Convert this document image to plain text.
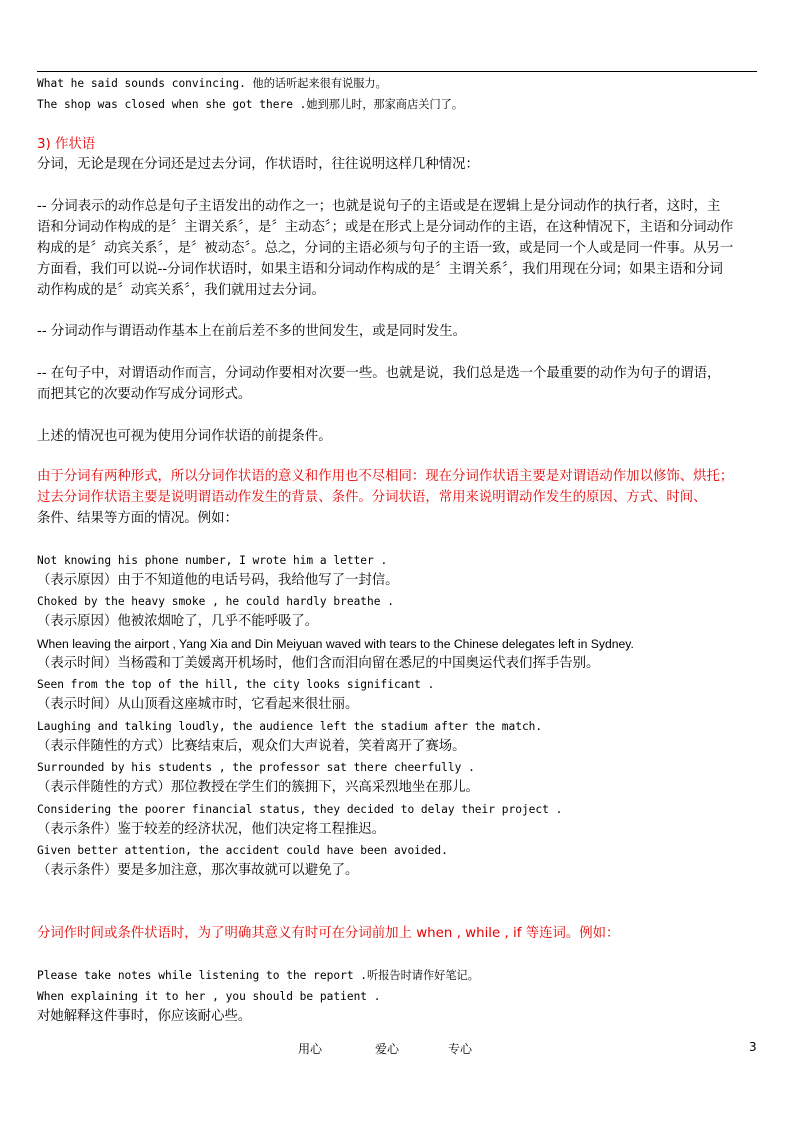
What he said sounds convincing. 他的话听起来很有说服力。
The shop was closed when she got there .她到那儿时，那家商店关门了。
3) 作状语
分词，无论是现在分词还是过去分词，作状语时，往往说明这样几种情况：
-- 分词表示的动作总是句子主语发出的动作之一；也就是说句子的主语或是在逻辑上是分词动作的执行者，这时，主
语和分词动作构成的是〞主谓关系〞，是〞主动态〞；或是在形式上是分词动作的主语，在这种情况下，主语和分词动作
构成的是〞动宾关系〞，是〞被动态〞。总之，分词的主语必须与句子的主语一致，或是同一个人或是同一件事。从另一
方面看，我们可以说--分词作状语时，如果主语和分词动作构成的是〞主谓关系〞，我们用现在分词；如果主语和分词
动作构成的是〞动宾关系〞，我们就用过去分词。
-- 分词动作与谓语动作基本上在前后差不多的世间发生，或是同时发生。
-- 在句子中，对谓语动作而言，分词动作要相对次要一些。也就是说，我们总是选一个最重要的动作为句子的谓语，
而把其它的次要动作写成分词形式。
上述的情况也可视为使用分词作状语的前提条件。
由于分词有两种形式，所以分词作状语的意义和作用也不尽相同：现在分词作状语主要是对谓语动作加以修饰、烘托；
过去分词作状语主要是说明谓语动作发生的背景、条件。分词状语，常用来说明谓动作发生的原因、方式、时间、
条件、结果等方面的情况。例如：
Not knowing his phone number, I wrote him a letter .
（表示原因）由于不知道他的电话号码，我给他写了一封信。
Choked by the heavy smoke , he could hardly breathe .
（表示原因）他被浓烟呛了，几乎不能呼吸了。
When leaving the airport , Yang Xia and Din Meiyuan waved with tears to the Chinese delegates left in Sydney.
（表示时间）当杨霞和丁美媛离开机场时，他们含而泪向留在悉尼的中国奥运代表们挥手告别。
Seen from the top of the hill, the city looks significant .
（表示时间）从山顶看这座城市时，它看起来很壮丽。
Laughing and talking loudly, the audience left the stadium after the match.
（表示伴随性的方式）比赛结束后，观众们大声说着，笑着离开了赛场。
Surrounded by his students , the professor sat there cheerfully .
（表示伴随性的方式）那位教授在学生们的簇拥下，兴高采烈地坐在那儿。
Considering the poorer financial status, they decided to delay their project .
（表示条件）鉴于较差的经济状况，他们决定将工程推迟。
Given better attention, the accident could have been avoided.
（表示条件）要是多加注意，那次事故就可以避免了。
分词作时间或条件状语时，为了明确其意义有时可在分词前加上 when , while , if 等连词。例如：
Please take notes while listening to the report .听报告时请作好笔记。
When explaining it to her , you should be patient .
对她解释这件事时，你应该耐心些。
用心	爱心	专心	3
